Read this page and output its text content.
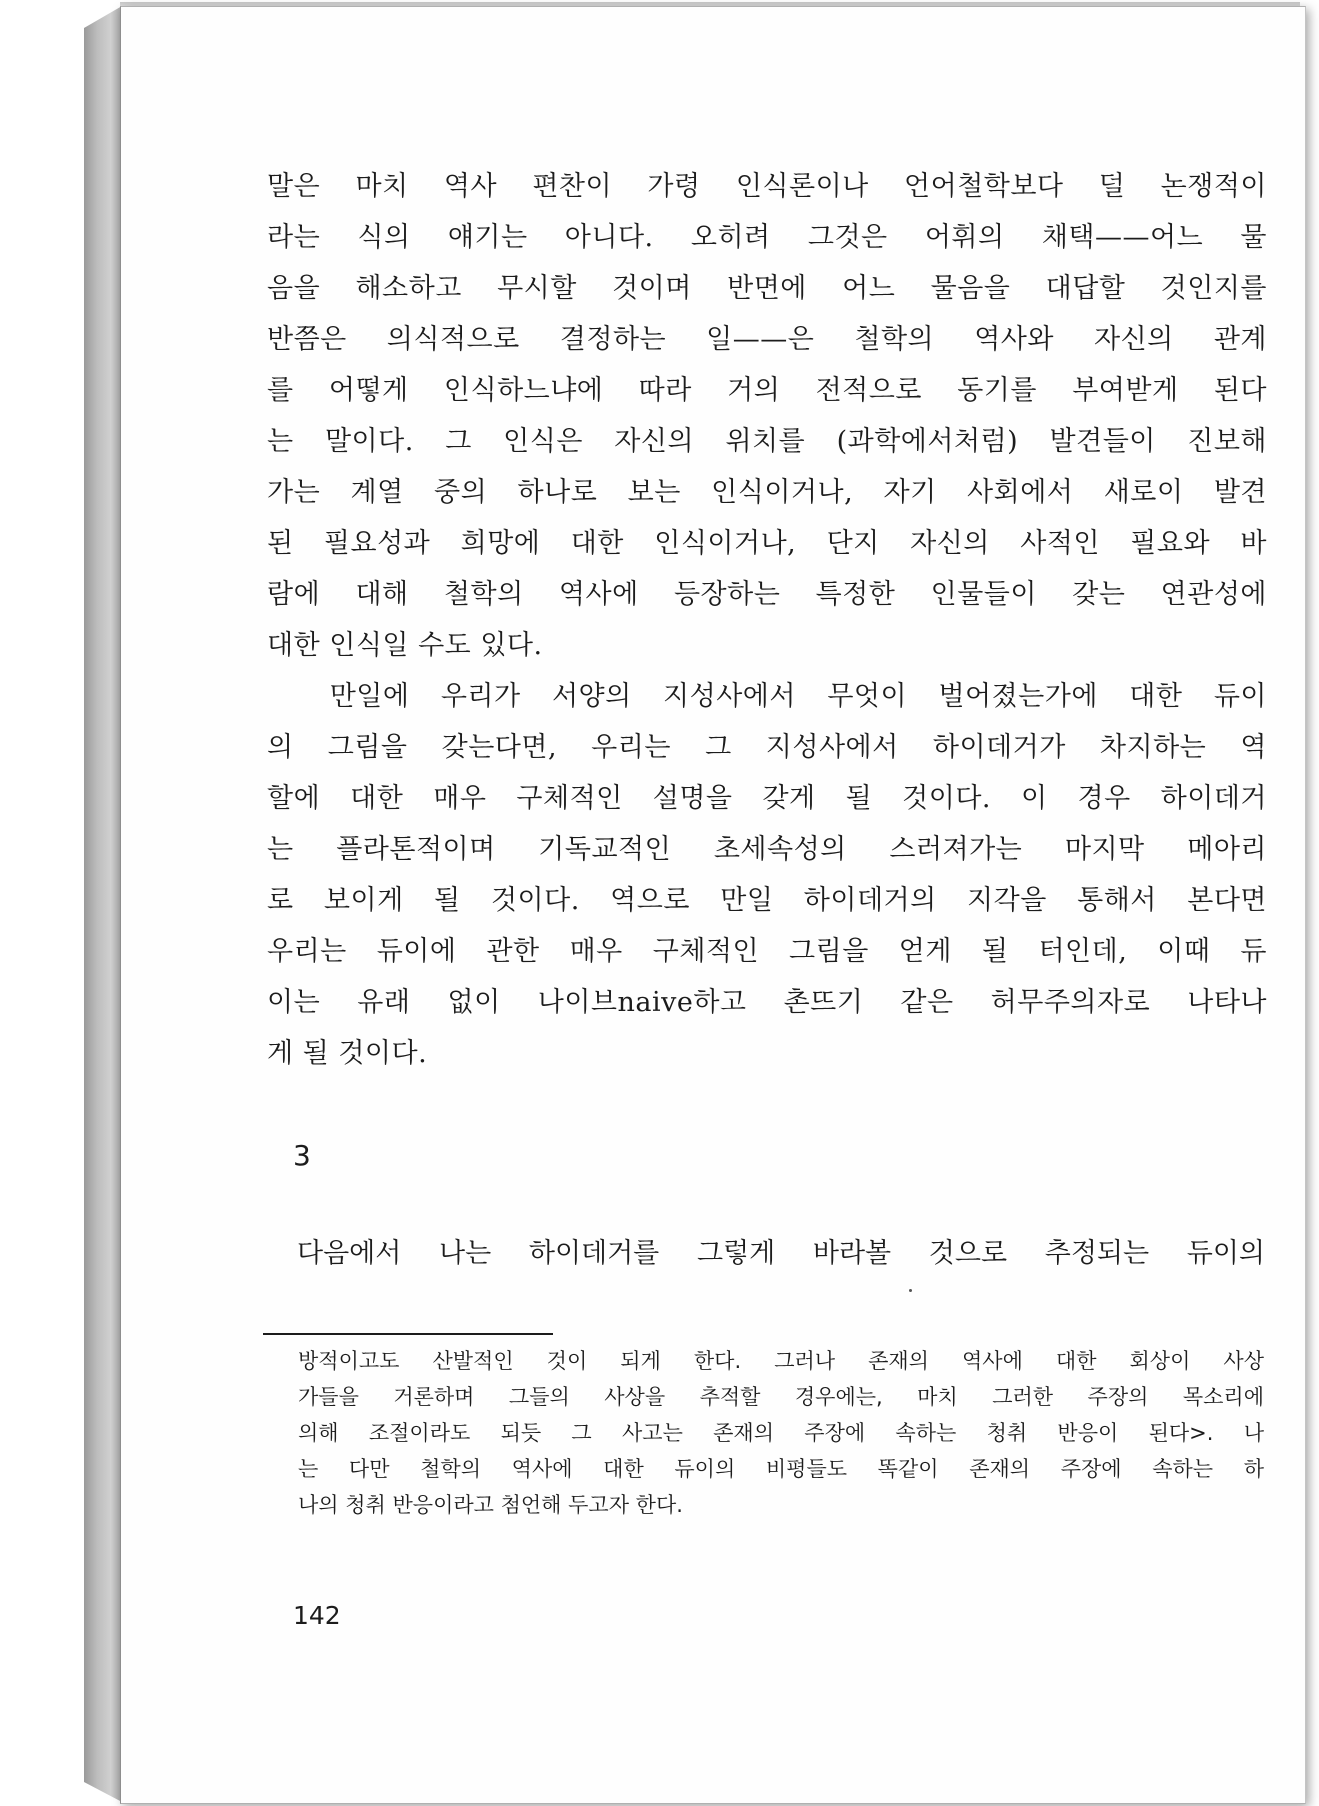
말은 마치 역사 편찬이 가령 인식론이나 언어철학보다 덜 논쟁적이
라는 식의 얘기는 아니다. 오히려 그것은 어휘의 채택——어느 물
음을 해소하고 무시할 것이며 반면에 어느 물음을 대답할 것인지를
반쯤은 의식적으로 결정하는 일——은 철학의 역사와 자신의 관계
를 어떻게 인식하느냐에 따라 거의 전적으로 동기를 부여받게 된다
는 말이다. 그 인식은 자신의 위치를 (과학에서처럼) 발견들이 진보해
가는 계열 중의 하나로 보는 인식이거나, 자기 사회에서 새로이 발견
된 필요성과 희망에 대한 인식이거나, 단지 자신의 사적인 필요와 바
람에 대해 철학의 역사에 등장하는 특정한 인물들이 갖는 연관성에
대한 인식일 수도 있다.
만일에 우리가 서양의 지성사에서 무엇이 벌어졌는가에 대한 듀이
의 그림을 갖는다면, 우리는 그 지성사에서 하이데거가 차지하는 역
할에 대한 매우 구체적인 설명을 갖게 될 것이다. 이 경우 하이데거
는 플라톤적이며 기독교적인 초세속성의 스러져가는 마지막 메아리
로 보이게 될 것이다. 역으로 만일 하이데거의 지각을 통해서 본다면
우리는 듀이에 관한 매우 구체적인 그림을 얻게 될 터인데, 이때 듀
이는 유래 없이 나이브naive하고 촌뜨기 같은 허무주의자로 나타나
게 될 것이다.
3
다음에서 나는 하이데거를 그렇게 바라볼 것으로 추정되는 듀이의
방적이고도 산발적인 것이 되게 한다. 그러나 존재의 역사에 대한 회상이 사상
가들을 거론하며 그들의 사상을 추적할 경우에는, 마치 그러한 주장의 목소리에
의해 조절이라도 되듯 그 사고는 존재의 주장에 속하는 청취 반응이 된다>. 나
는 다만 철학의 역사에 대한 듀이의 비평들도 똑같이 존재의 주장에 속하는 하
나의 청취 반응이라고 첨언해 두고자 한다.
142
